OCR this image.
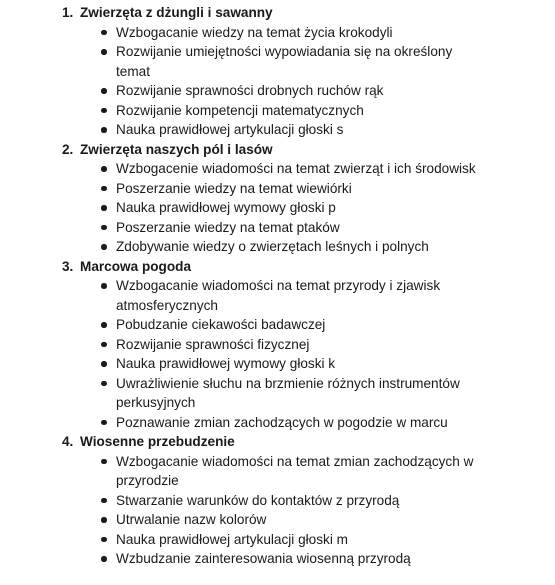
1. Zwierzęta z dżungli i sawanny
Wzbogacanie wiedzy na temat życia krokodyli
Rozwijanie umiejętności wypowiadania się na określony temat
Rozwijanie sprawności drobnych ruchów rąk
Rozwijanie kompetencji matematycznych
Nauka prawidłowej artykulacji głoski s
2. Zwierzęta naszych pól i lasów
Wzbogacenie wiadomości na temat zwierząt i ich środowisk
Poszerzanie wiedzy na temat wiewiórki
Nauka prawidłowej wymowy głoski p
Poszerzanie wiedzy na temat ptaków
Zdobywanie wiedzy o zwierzętach leśnych i polnych
3. Marcowa pogoda
Wzbogacanie wiadomości na temat przyrody i zjawisk atmosferycznych
Pobudzanie ciekawości badawczej
Rozwijanie sprawności fizycznej
Nauka prawidłowej wymowy głoski k
Uwrażliwienie słuchu na brzmienie różnych instrumentów perkusyjnych
Poznawanie zmian zachodzących w pogodzie w marcu
4. Wiosenne przebudzenie
Wzbogacanie wiadomości na temat zmian zachodzących w przyrodzie
Stwarzanie warunków do kontaktów z przyrodą
Utrwalanie nazw kolorów
Nauka prawidłowej artykulacji głoski m
Wzbudzanie zainteresowania wiosenną przyrodą
